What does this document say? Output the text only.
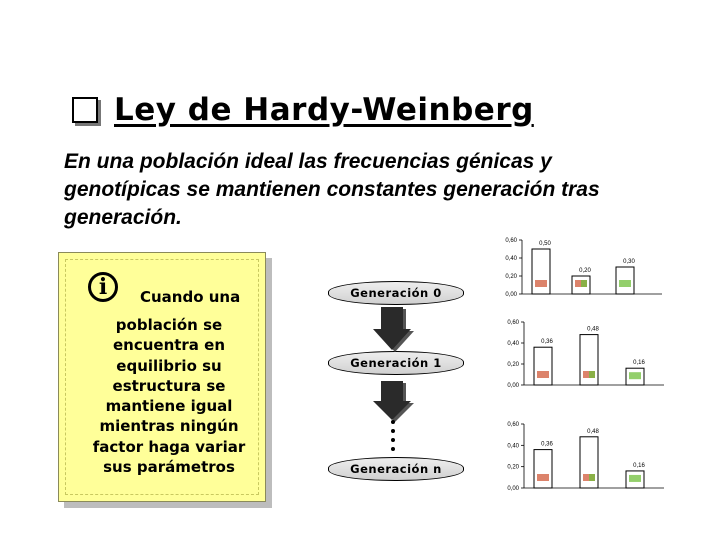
Ley de Hardy-Weinberg
En una población ideal las frecuencias génicas y genotípicas se mantienen constantes generación tras generación.
i	Cuando una
población se
encuentra en
equilibrio su
estructura se
mantiene igual
mientras ningún
factor haga variar
sus parámetros
Generación 0
Generación 1
Generación n
0,00
0,20
0,40
0,60	0,50
0,20
0,30
0,00
0,20
0,40
0,60
0,36
0,48
0,16
0,00
0,20
0,40
0,60
0,36
0,48
0,16
